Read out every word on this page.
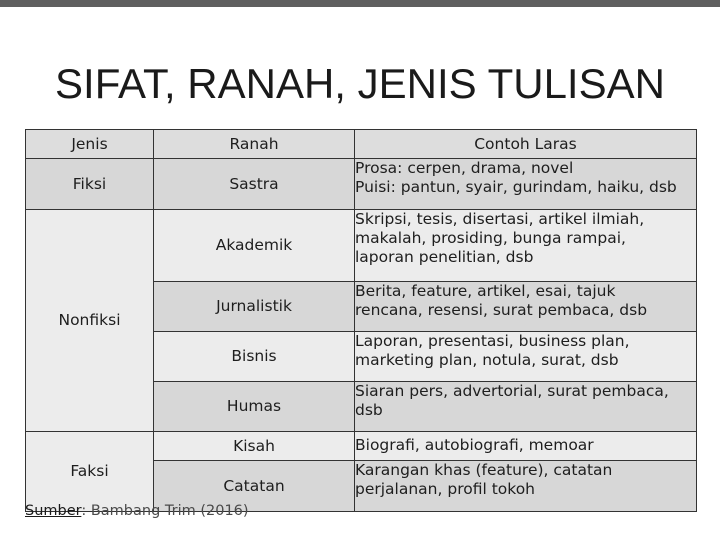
SIFAT, RANAH, JENIS TULISAN
Jenis	Ranah	Contoh Laras
Fiksi	Sastra	Prosa: cerpen, drama, novel
Puisi: pantun, syair, gurindam, haiku, dsb

Nonfiksi	Akademik	Skripsi, tesis, disertasi, artikel ilmiah,
makalah, prosiding, bunga rampai,
laporan penelitian, dsb

	Jurnalistik	Berita, feature, artikel, esai, tajuk
rencana, resensi, surat pembaca, dsb

	Bisnis	Laporan, presentasi, business plan,
marketing plan, notula, surat, dsb

	Humas	Siaran pers, advertorial, surat pembaca,
dsb

Faksi	Kisah	Biografi, autobiografi, memoar

	Catatan	Karangan khas (feature), catatan
perjalanan, profil tokoh
Sumber: Bambang Trim (2016)
